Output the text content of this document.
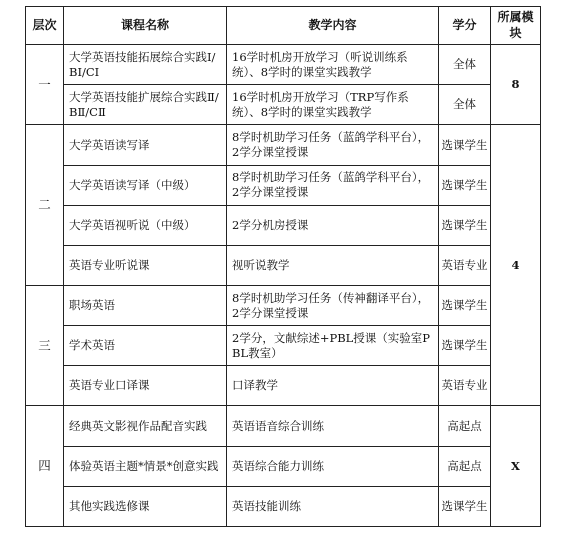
层次	课程名称	教学内容	学分	所属模块
一	大学英语技能拓展综合实践Ⅰ/BⅠ/CⅠ	16学时机房开放学习（听说训练系统）、8学时的课堂实践教学	全体	8
	大学英语技能扩展综合实践Ⅱ/BⅡ/CⅡ	16学时机房开放学习（TRP写作系统）、8学时的课堂实践教学	全体	
二	大学英语读写译	8学时机助学习任务（蓝鸽学科平台），2学分课堂授课	选课学生	4
	大学英语读写译（中级）	8学时机助学习任务（蓝鸽学科平台），2学分课堂授课	选课学生	
	大学英语视听说（中级）	2学分机房授课	选课学生	
	英语专业听说课	视听说教学	英语专业	
三	职场英语	8学时机助学习任务（传神翻译平台），2学分课堂授课	选课学生	
	学术英语	2学分，文献综述+PBL授课（实验室PBL教室）	选课学生	
	英语专业口译课	口译教学	英语专业	
四	经典英文影视作品配音实践	英语语音综合训练	高起点	X
	体验英语主题*情景*创意实践	英语综合能力训练	高起点	
	其他实践选修课	英语技能训练	选课学生	
